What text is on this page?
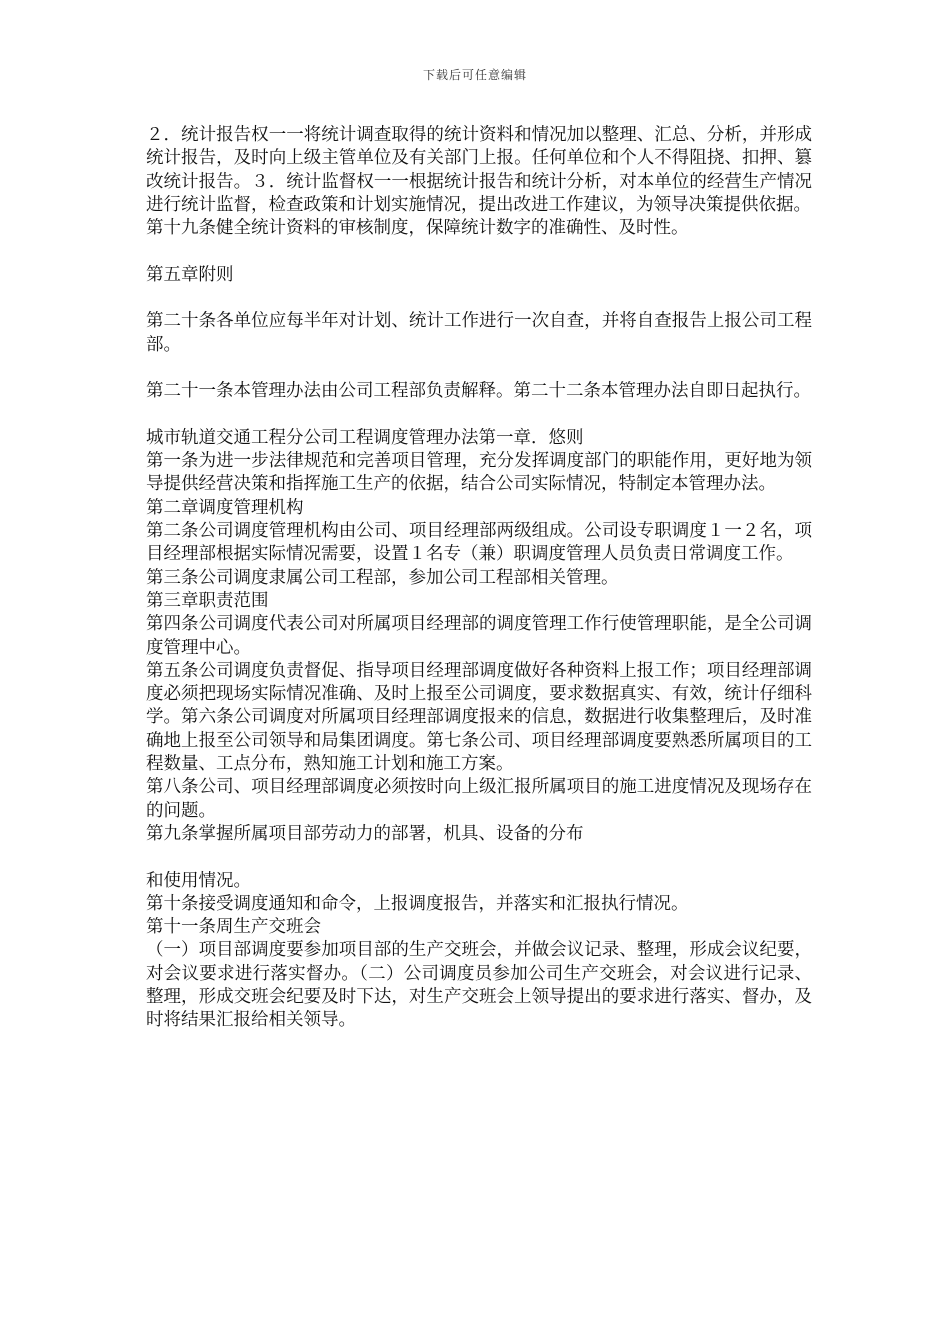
下载后可任意编辑

２．统计报告权一一将统计调查取得的统计资料和情况加以整理、汇总、分析，并形成统计报告，及时向上级主管单位及有关部门上报。任何单位和个人不得阻挠、扣押、篡改统计报告。３．统计监督权一一根据统计报告和统计分析，对本单位的经营生产情况进行统计监督，检查政策和计划实施情况，提出改进工作建议，为领导决策提供依据。

第十九条健全统计资料的审核制度，保障统计数字的准确性、及时性。

第五章附则

第二十条各单位应每半年对计划、统计工作进行一次自查，并将自查报告上报公司工程部。

第二十一条本管理办法由公司工程部负责解释。第二十二条本管理办法自即日起执行。

城市轨道交通工程分公司工程调度管理办法第一章．悠则

第一条为进一步法律规范和完善项目管理，充分发挥调度部门的职能作用，更好地为领导提供经营决策和指挥施工生产的依据，结合公司实际情况，特制定本管理办法。

第二章调度管理机构

第二条公司调度管理机构由公司、项目经理部两级组成。公司设专职调度１一２名，项目经理部根据实际情况需要，设置１名专（兼）职调度管理人员负责日常调度工作。

第三条公司调度隶属公司工程部，参加公司工程部相关管理。

第三章职责范围

第四条公司调度代表公司对所属项目经理部的调度管理工作行使管理职能，是全公司调度管理中心。

第五条公司调度负责督促、指导项目经理部调度做好各种资料上报工作；项目经理部调度必须把现场实际情况准确、及时上报至公司调度，要求数据真实、有效，统计仔细科学。第六条公司调度对所属项目经理部调度报来的信息，数据进行收集整理后，及时准确地上报至公司领导和局集团调度。第七条公司、项目经理部调度要熟悉所属项目的工程数量、工点分布，熟知施工计划和施工方案。

第八条公司、项目经理部调度必须按时向上级汇报所属项目的施工进度情况及现场存在的问题。

第九条掌握所属项目部劳动力的部署，机具、设备的分布

和使用情况。

第十条接受调度通知和命令，上报调度报告，并落实和汇报执行情况。

第十一条周生产交班会

（一）项目部调度要参加项目部的生产交班会，并做会议记录、整理，形成会议纪要，对会议要求进行落实督办。（二）公司调度员参加公司生产交班会，对会议进行记录、整理，形成交班会纪要及时下达，对生产交班会上领导提出的要求进行落实、督办，及时将结果汇报给相关领导。
